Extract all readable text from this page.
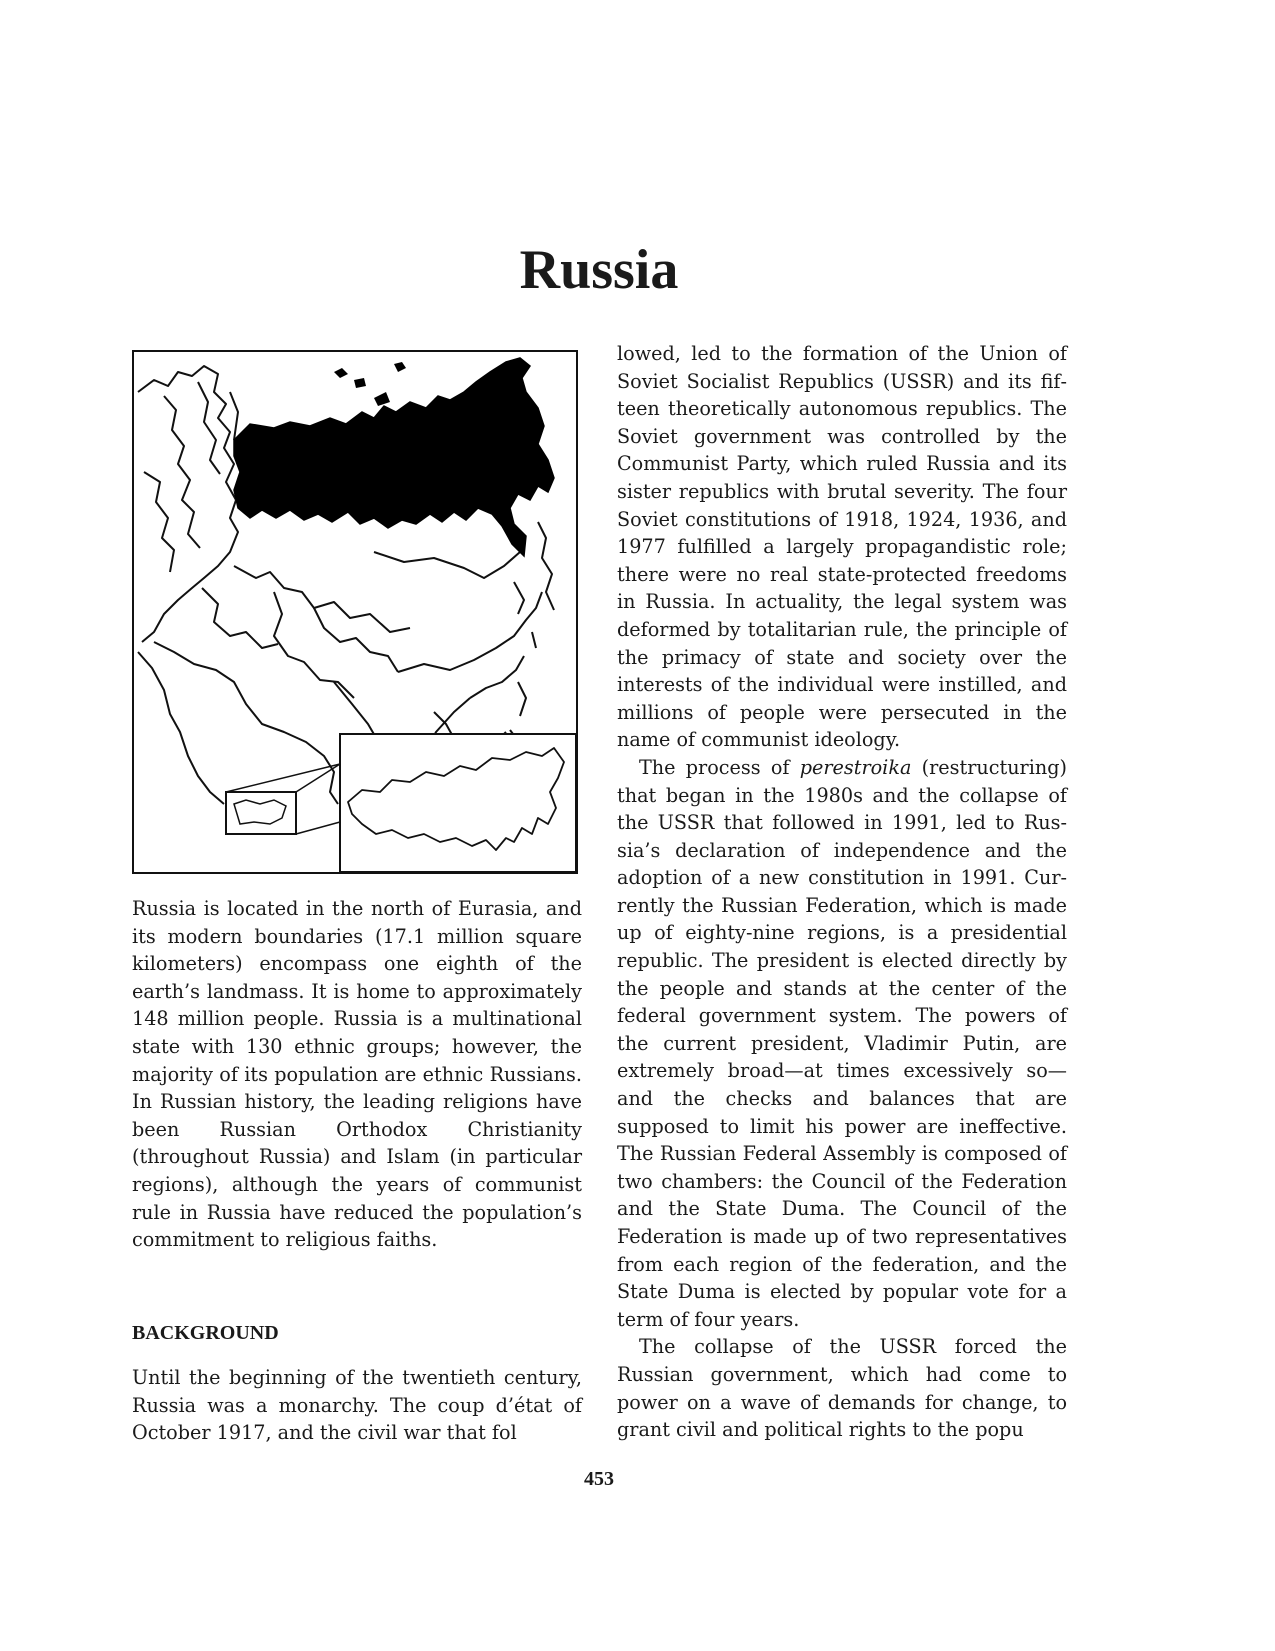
Russia

Russia is located in the north of Eurasia, and its modern boundaries (17.1 million square kilometers) encompass one eighth of the earth’s landmass. It is home to approximately 148 million people. Russia is a multinational state with 130 ethnic groups; however, the majority of its population are ethnic Russians. In Russian history, the leading religions have been Russian Orthodox Christianity (throughout Russia) and Islam (in particular regions), although the years of communist rule in Russia have reduced the population’s commitment to religious faiths.

BACKGROUND

Until the beginning of the twentieth century, Russia was a monarchy. The coup d’état of October 1917, and the civil war that fol

lowed, led to the formation of the Union of Soviet Socialist Republics (USSR) and its fifteen theoretically autonomous republics. The Soviet government was controlled by the Communist Party, which ruled Russia and its sister republics with brutal severity. The four Soviet constitutions of 1918, 1924, 1936, and 1977 fulfilled a largely propagandistic role; there were no real state-protected freedoms in Russia. In actuality, the legal system was deformed by totalitarian rule, the principle of the primacy of state and society over the interests of the individual were instilled, and millions of people were persecuted in the name of communist ideology.

The process of perestroika (restructuring) that began in the 1980s and the collapse of the USSR that followed in 1991, led to Russia’s declaration of independence and the adoption of a new constitution in 1991. Currently the Russian Federation, which is made up of eighty-nine regions, is a presidential republic. The president is elected directly by the people and stands at the center of the federal government system. The powers of the current president, Vladimir Putin, are extremely broad—at times excessively so—and the checks and balances that are supposed to limit his power are ineffective. The Russian Federal Assembly is composed of two chambers: the Council of the Federation and the State Duma. The Council of the Federation is made up of two representatives from each region of the federation, and the State Duma is elected by popular vote for a term of four years.

The collapse of the USSR forced the Russian government, which had come to power on a wave of demands for change, to grant civil and political rights to the popu

453
